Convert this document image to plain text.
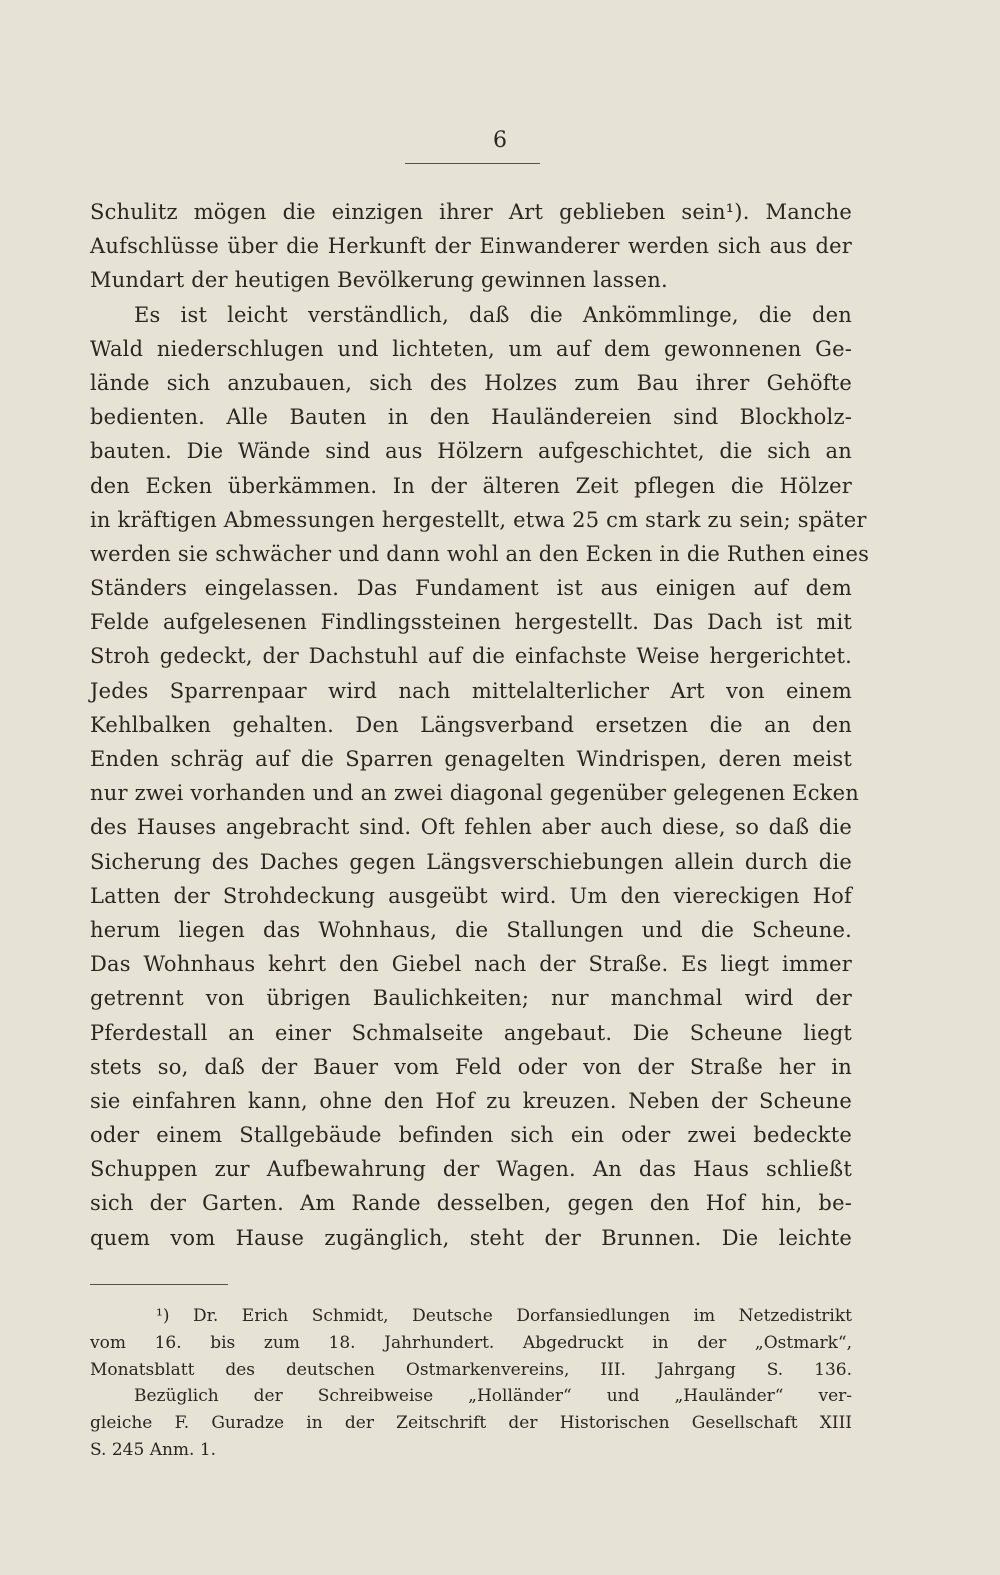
6
Schulitz mögen die einzigen ihrer Art geblieben sein¹). Manche
Aufschlüsse über die Herkunft der Einwanderer werden sich aus der
Mundart der heutigen Bevölkerung gewinnen lassen.
Es ist leicht verständlich, daß die Ankömmlinge, die den
Wald niederschlugen und lichteten, um auf dem gewonnenen Ge-
lände sich anzubauen, sich des Holzes zum Bau ihrer Gehöfte
bedienten. Alle Bauten in den Hauländereien sind Blockholz-
bauten. Die Wände sind aus Hölzern aufgeschichtet, die sich an
den Ecken überkämmen. In der älteren Zeit pflegen die Hölzer
in kräftigen Abmessungen hergestellt, etwa 25 cm stark zu sein; später
werden sie schwächer und dann wohl an den Ecken in die Ruthen eines
Ständers eingelassen. Das Fundament ist aus einigen auf dem
Felde aufgelesenen Findlingssteinen hergestellt. Das Dach ist mit
Stroh gedeckt, der Dachstuhl auf die einfachste Weise hergerichtet.
Jedes Sparrenpaar wird nach mittelalterlicher Art von einem
Kehlbalken gehalten. Den Längsverband ersetzen die an den
Enden schräg auf die Sparren genagelten Windrispen, deren meist
nur zwei vorhanden und an zwei diagonal gegenüber gelegenen Ecken
des Hauses angebracht sind. Oft fehlen aber auch diese, so daß die
Sicherung des Daches gegen Längsverschiebungen allein durch die
Latten der Strohdeckung ausgeübt wird. Um den viereckigen Hof
herum liegen das Wohnhaus, die Stallungen und die Scheune.
Das Wohnhaus kehrt den Giebel nach der Straße. Es liegt immer
getrennt von übrigen Baulichkeiten; nur manchmal wird der
Pferdestall an einer Schmalseite angebaut. Die Scheune liegt
stets so, daß der Bauer vom Feld oder von der Straße her in
sie einfahren kann, ohne den Hof zu kreuzen. Neben der Scheune
oder einem Stallgebäude befinden sich ein oder zwei bedeckte
Schuppen zur Aufbewahrung der Wagen. An das Haus schließt
sich der Garten. Am Rande desselben, gegen den Hof hin, be-
quem vom Hause zugänglich, steht der Brunnen. Die leichte
¹) Dr. Erich Schmidt, Deutsche Dorfansiedlungen im Netzedistrikt
vom 16. bis zum 18. Jahrhundert. Abgedruckt in der „Ostmark“,
Monatsblatt des deutschen Ostmarkenvereins, III. Jahrgang S. 136.
Bezüglich der Schreibweise „Holländer“ und „Hauländer“ ver-
gleiche F. Guradze in der Zeitschrift der Historischen Gesellschaft XIII
S. 245 Anm. 1.
